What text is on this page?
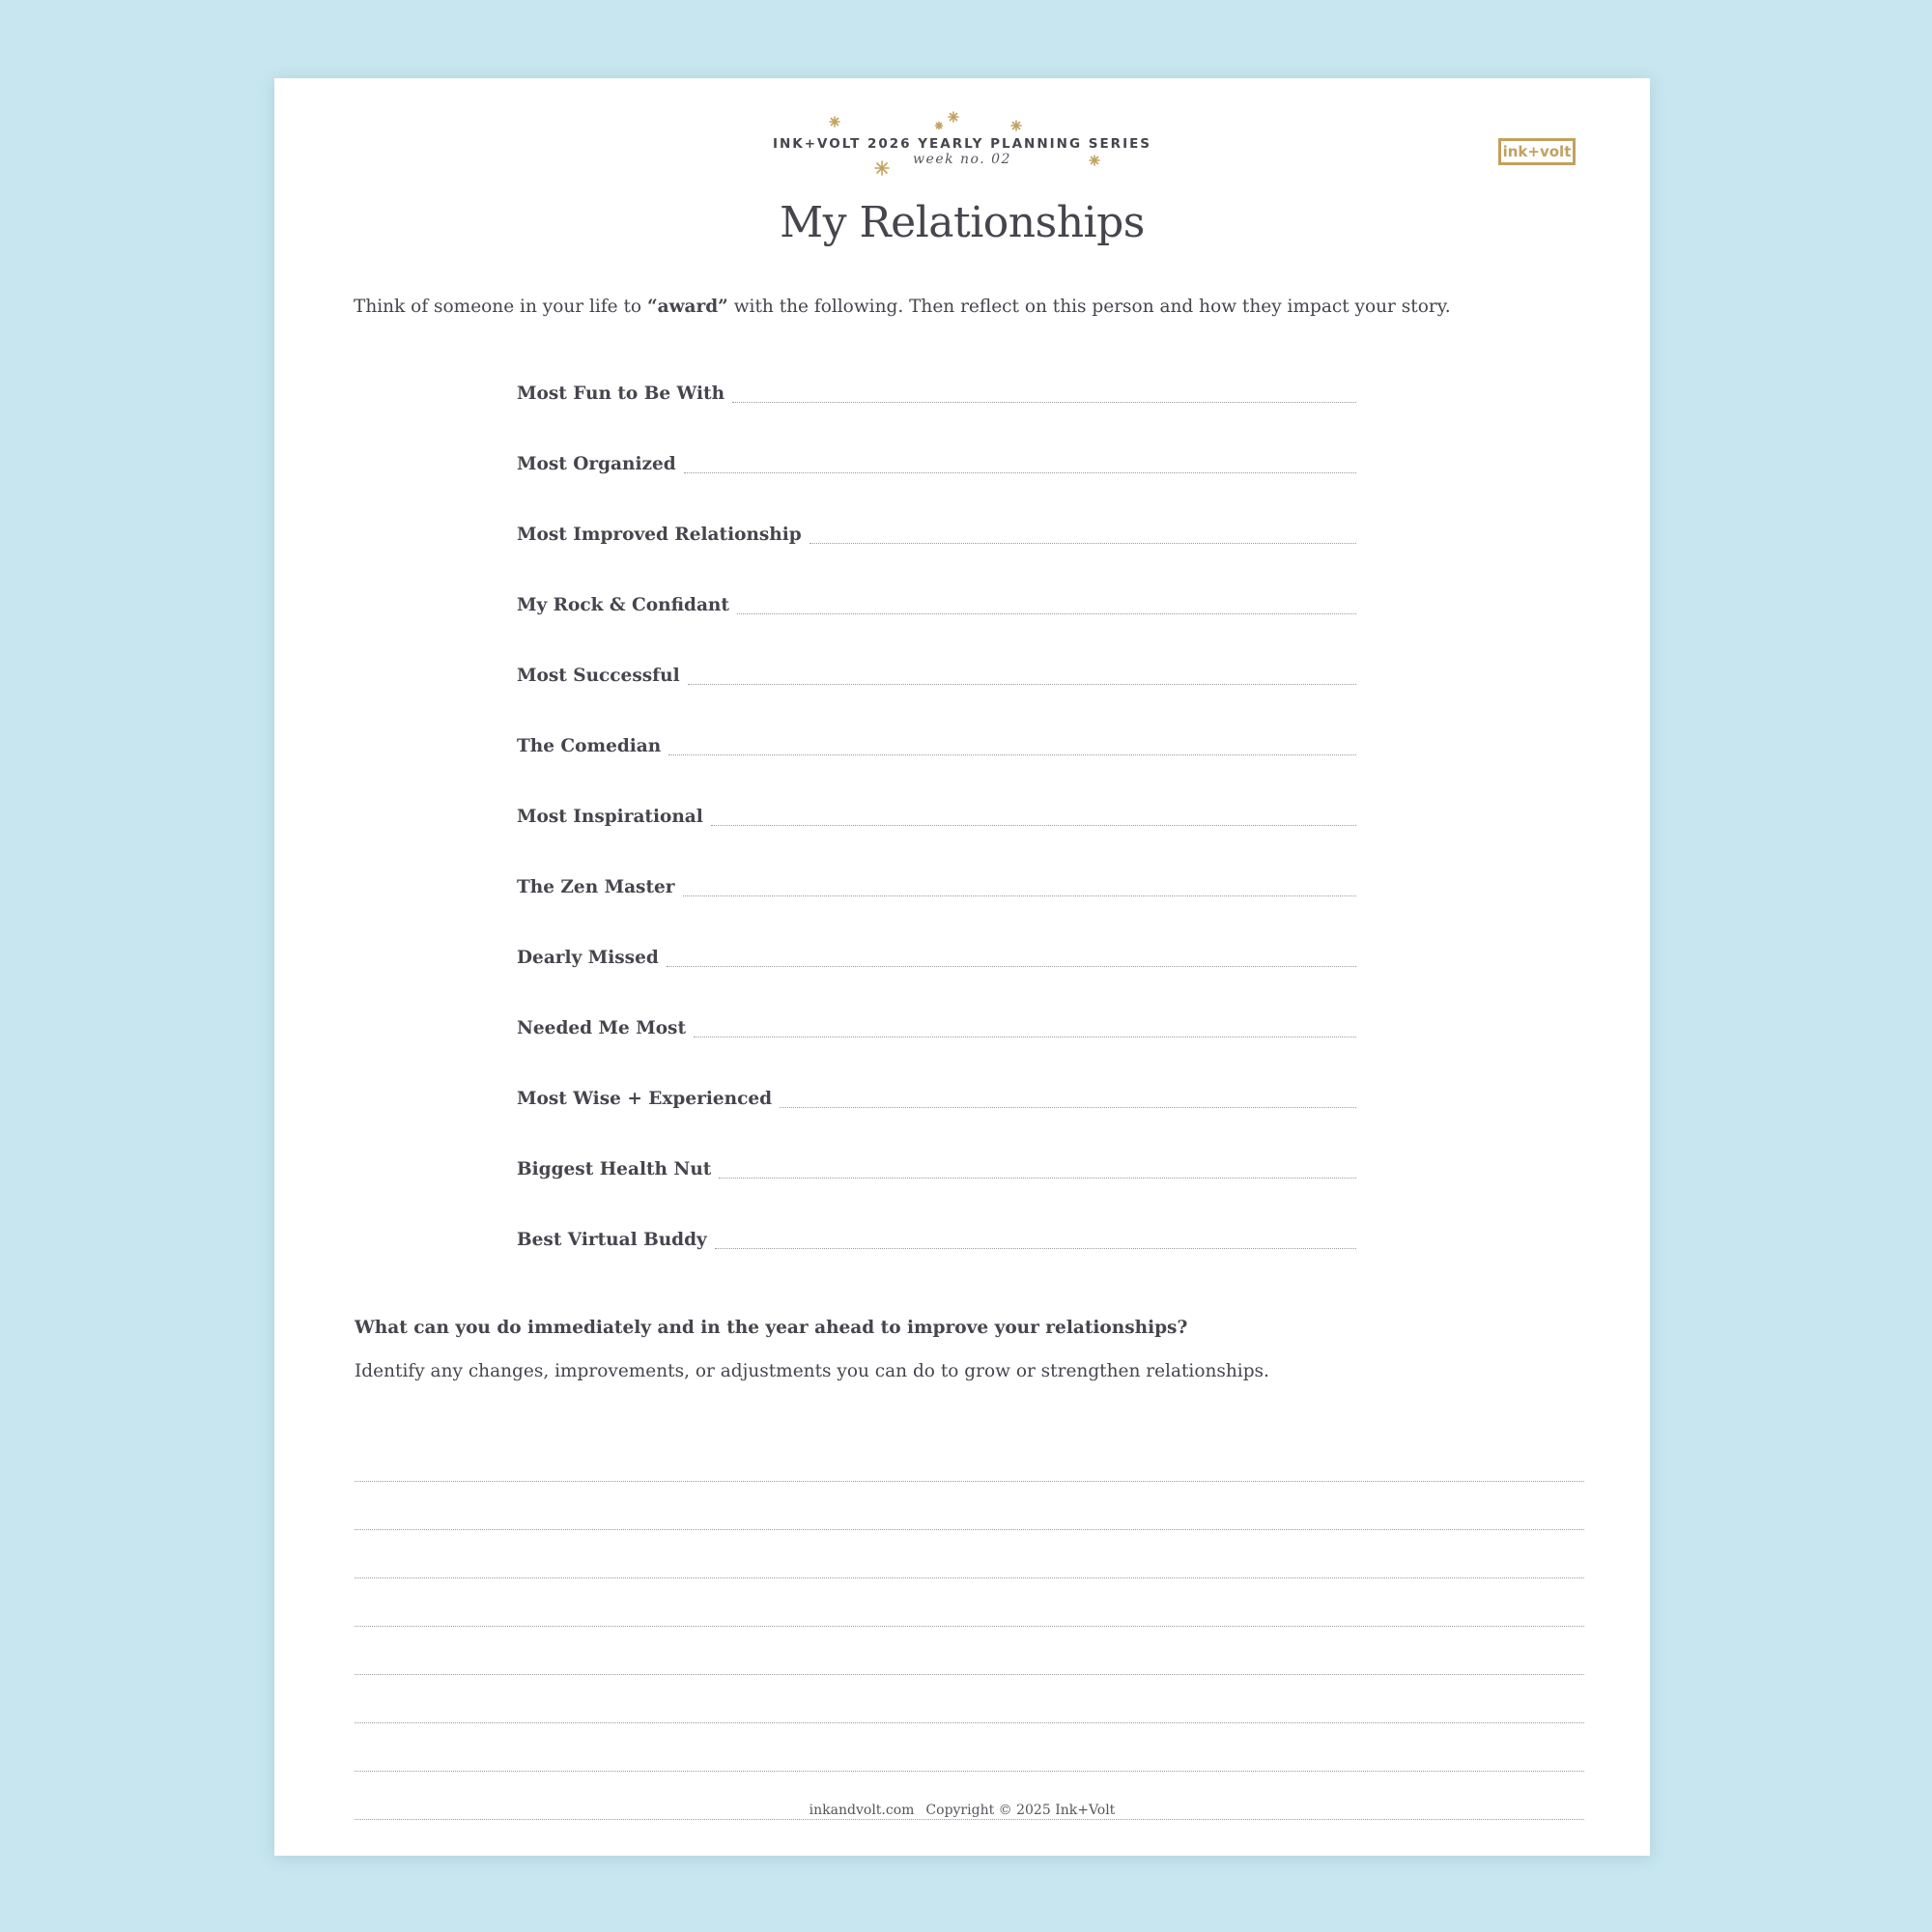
INK+VOLT 2026 YEARLY PLANNING SERIES
week no. 02	ink+volt
My Relationships
Think of someone in your life to “award” with the following. Then reflect on this person and how they impact your story.
Most Fun to Be With
Most Organized
Most Improved Relationship
My Rock & Confidant
Most Successful
The Comedian
Most Inspirational
The Zen Master
Dearly Missed
Needed Me Most
Most Wise + Experienced
Biggest Health Nut
Best Virtual Buddy
What can you do immediately and in the year ahead to improve your relationships?
Identify any changes, improvements, or adjustments you can do to grow or strengthen relationships.
inkandvolt.com Copyright © 2025 Ink+Volt
